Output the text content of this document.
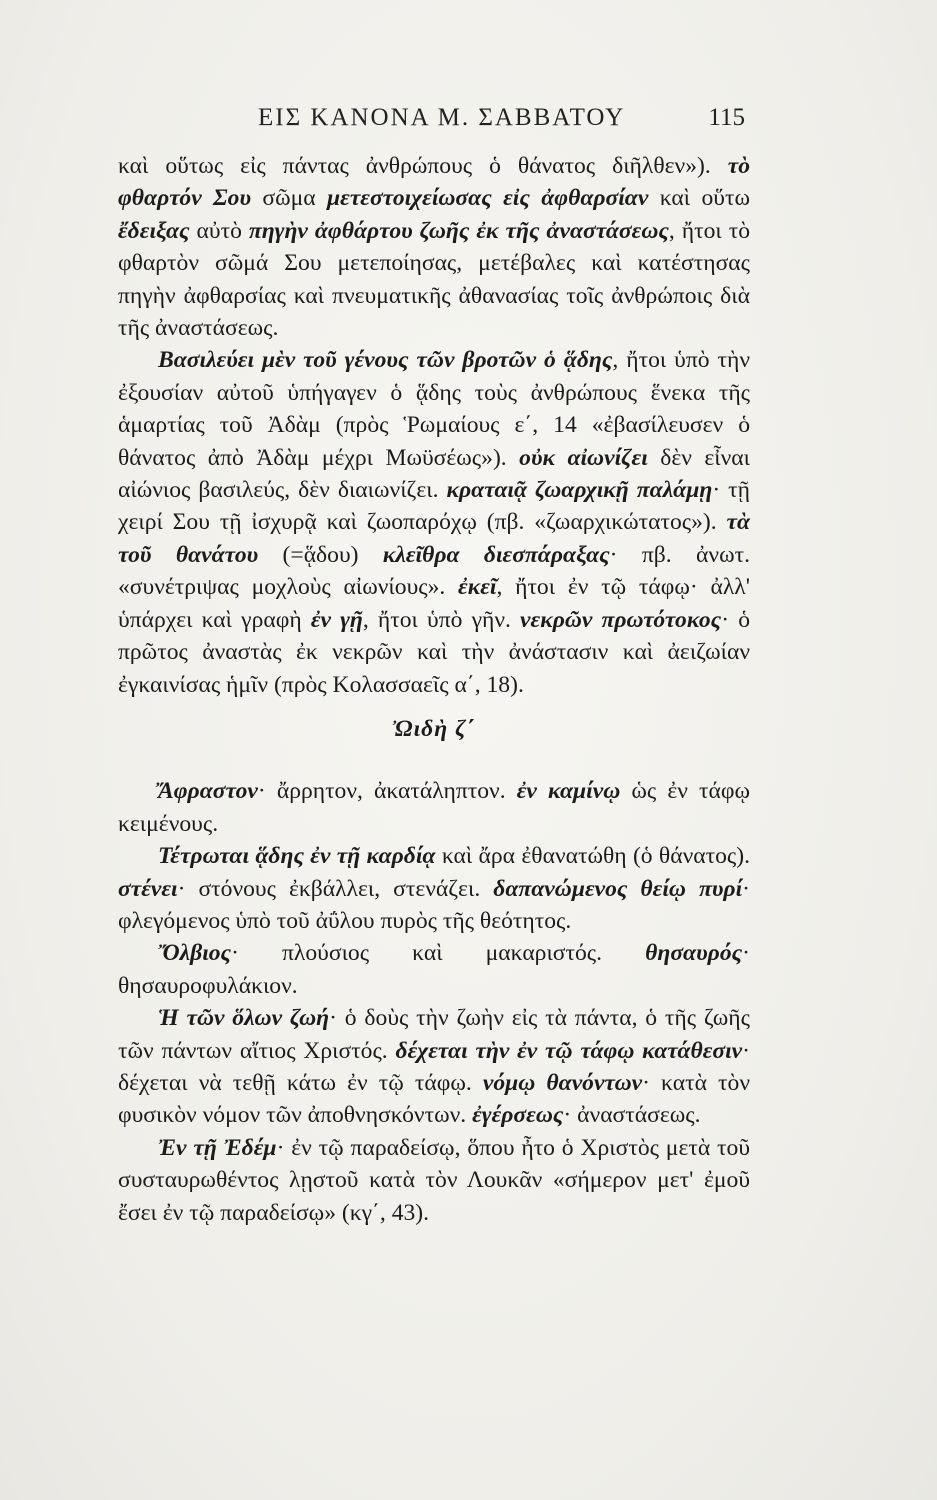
ΕΙΣ ΚΑΝΟΝΑ Μ. ΣΑΒΒΑΤΟΥ	115

καὶ οὕτως εἰς πάντας ἀνθρώπους ὁ θάνατος διῆλθεν»). τὸ φθαρτόν Σου σῶμα μετεστοιχείωσας εἰς ἀφθαρσίαν καὶ οὕτω ἔδειξας αὐτὸ πηγὴν ἀφθάρτου ζωῆς ἐκ τῆς ἀναστάσεως, ἤτοι τὸ φθαρτὸν σῶμά Σου μετεποίησας, μετέβαλες καὶ κατέστησας πηγὴν ἀφθαρσίας καὶ πνευματικῆς ἀθανασίας τοῖς ἀνθρώποις διὰ τῆς ἀναστάσεως.

Βασιλεύει μὲν τοῦ γένους τῶν βροτῶν ὁ ᾅδης, ἤτοι ὑπὸ τὴν ἐξουσίαν αὐτοῦ ὑπήγαγεν ὁ ᾅδης τοὺς ἀνθρώπους ἕνεκα τῆς ἁμαρτίας τοῦ Ἀδὰμ (πρὸς Ῥωμαίους ε΄, 14 «ἐβασίλευσεν ὁ θάνατος ἀπὸ Ἀδὰμ μέχρι Μωϋσέως»). οὐκ αἰωνίζει δὲν εἶναι αἰώνιος βασιλεύς, δὲν διαιωνίζει. κραταιᾷ ζωαρχικῇ παλάμῃ· τῇ χειρί Σου τῇ ἰσχυρᾷ καὶ ζωοπαρόχῳ (πβ. «ζωαρχικώτατος»). τὰ τοῦ θανάτου (=ᾅδου) κλεῖθρα διεσπάραξας· πβ. ἀνωτ. «συνέτριψας μοχλοὺς αἰωνίους». ἐκεῖ, ἤτοι ἐν τῷ τάφῳ· ἀλλ' ὑπάρχει καὶ γραφὴ ἐν γῇ, ἤτοι ὑπὸ γῆν. νεκρῶν πρωτότοκος· ὁ πρῶτος ἀναστὰς ἐκ νεκρῶν καὶ τὴν ἀνάστασιν καὶ ἀειζωίαν ἐγκαινίσας ἡμῖν (πρὸς Κολασσαεῖς α΄, 18).

Ὠιδὴ ζ΄

Ἄφραστον· ἄρρητον, ἀκατάληπτον. ἐν καμίνῳ ὡς ἐν τάφῳ κειμένους.

Τέτρωται ᾅδης ἐν τῇ καρδίᾳ καὶ ἄρα ἐθανατώθη (ὁ θάνατος). στένει· στόνους ἐκβάλλει, στενάζει. δαπανώμενος θείῳ πυρί· φλεγόμενος ὑπὸ τοῦ ἀΰλου πυρὸς τῆς θεότητος.

Ὄλβιος· πλούσιος καὶ μακαριστός. θησαυρός· θησαυροφυλάκιον.

Ἡ τῶν ὅλων ζωή· ὁ δοὺς τὴν ζωὴν εἰς τὰ πάντα, ὁ τῆς ζωῆς τῶν πάντων αἴτιος Χριστός. δέχεται τὴν ἐν τῷ τάφῳ κατάθεσιν· δέχεται νὰ τεθῇ κάτω ἐν τῷ τάφῳ. νόμῳ θανόντων· κατὰ τὸν φυσικὸν νόμον τῶν ἀποθνησκόντων. ἐγέρσεως· ἀναστάσεως.

Ἐν τῇ Ἐδέμ· ἐν τῷ παραδείσῳ, ὅπου ἦτο ὁ Χριστὸς μετὰ τοῦ συσταυρωθέντος λῃστοῦ κατὰ τὸν Λουκᾶν «σήμερον μετ' ἐμοῦ ἔσει ἐν τῷ παραδείσῳ» (κγ΄, 43).
